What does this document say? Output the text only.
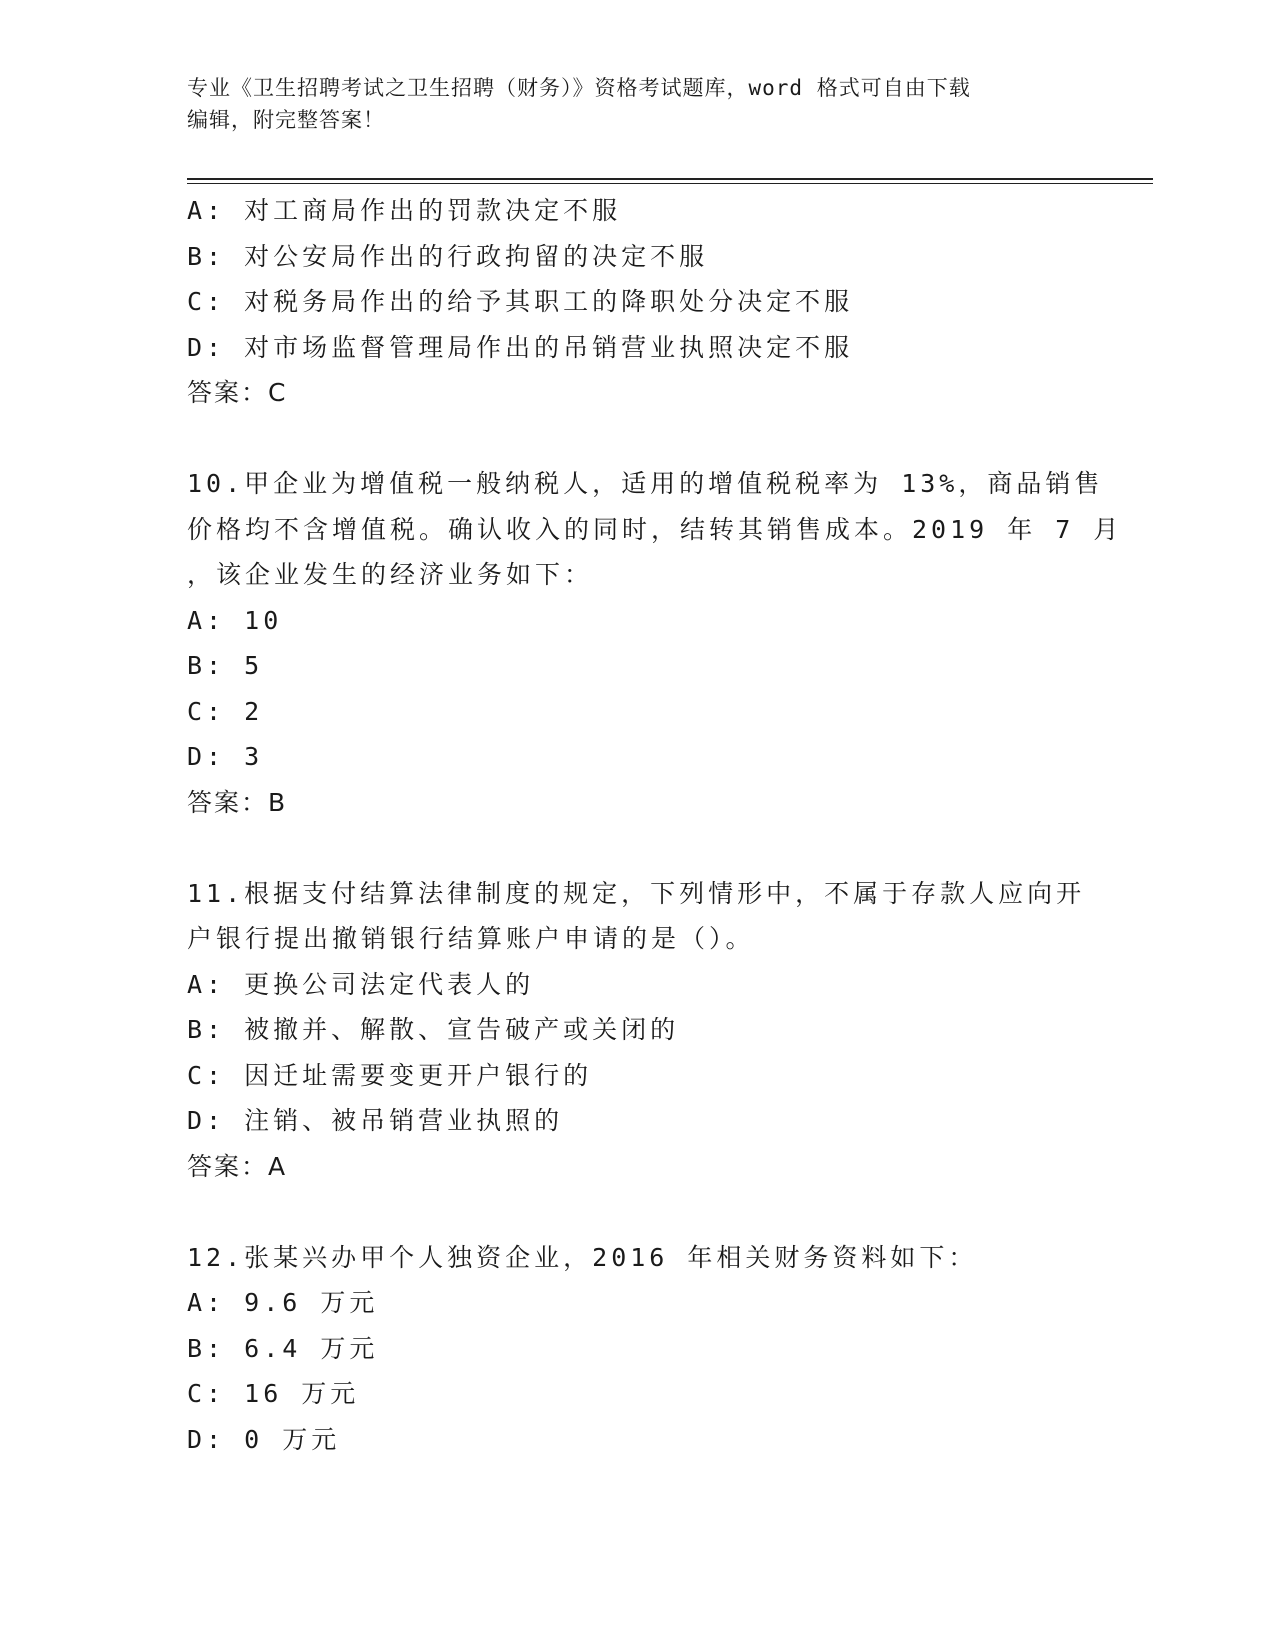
专业《卫生招聘考试之卫生招聘（财务）》资格考试题库，word 格式可自由下载
编辑，附完整答案！
A: 对工商局作出的罚款决定不服
B: 对公安局作出的行政拘留的决定不服
C: 对税务局作出的给予其职工的降职处分决定不服
D: 对市场监督管理局作出的吊销营业执照决定不服
答案：C
10.甲企业为增值税一般纳税人，适用的增值税税率为 13%，商品销售
价格均不含增值税。确认收入的同时，结转其销售成本。2019 年 7 月
，该企业发生的经济业务如下：
A: 10
B: 5
C: 2
D: 3
答案：B
11.根据支付结算法律制度的规定，下列情形中，不属于存款人应向开
户银行提出撤销银行结算账户申请的是（）。
A: 更换公司法定代表人的
B: 被撤并、解散、宣告破产或关闭的
C: 因迁址需要变更开户银行的
D: 注销、被吊销营业执照的
答案：A
12.张某兴办甲个人独资企业，2016 年相关财务资料如下：
A: 9.6 万元
B: 6.4 万元
C: 16 万元
D: 0 万元
